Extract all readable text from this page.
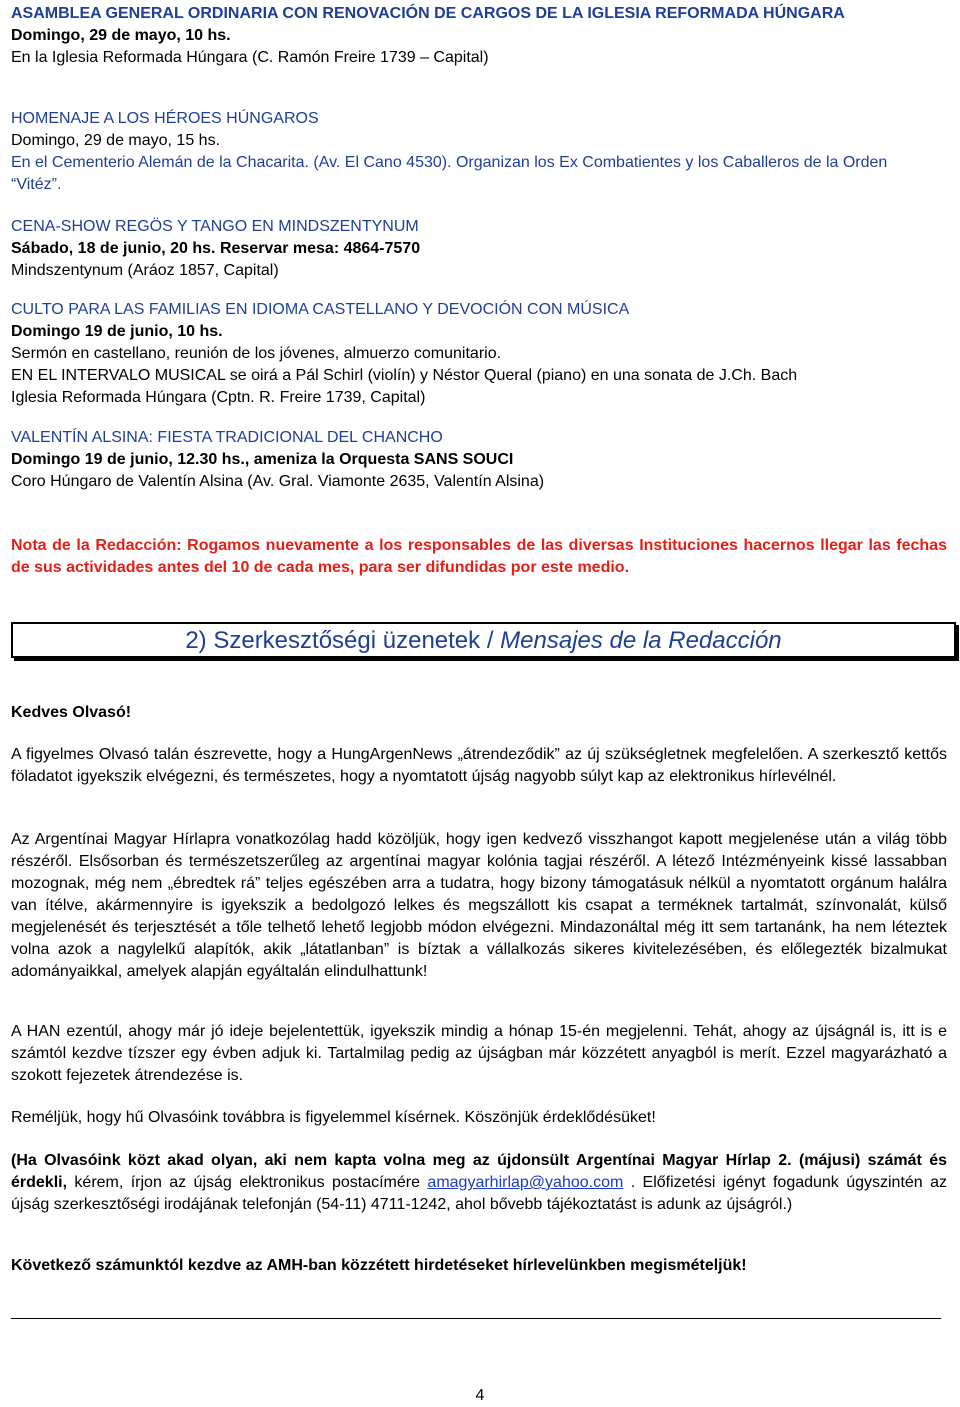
ASAMBLEA GENERAL ORDINARIA CON RENOVACIÓN DE CARGOS DE LA IGLESIA REFORMADA HÚNGARA
Domingo, 29 de mayo, 10 hs.
En la Iglesia Reformada Húngara (C. Ramón Freire 1739 – Capital)
HOMENAJE A LOS HÉROES HÚNGAROS
Domingo, 29 de mayo, 15 hs.
En el Cementerio Alemán de la Chacarita. (Av. El Cano 4530). Organizan los Ex Combatientes y los Caballeros de la Orden “Vitéz”.
CENA-SHOW REGÖS Y TANGO EN MINDSZENTYNUM
Sábado, 18 de junio, 20 hs. Reservar mesa: 4864-7570
Mindszentynum (Aráoz 1857, Capital)
CULTO PARA LAS FAMILIAS EN IDIOMA CASTELLANO Y DEVOCIÓN CON MÚSICA
Domingo 19 de junio, 10 hs.
Sermón en castellano, reunión de los jóvenes, almuerzo comunitario.
EN EL INTERVALO MUSICAL se oirá a Pál Schirl (violín) y Néstor Queral (piano) en una sonata de J.Ch. Bach
Iglesia Reformada Húngara (Cptn. R. Freire 1739, Capital)
VALENTÍN ALSINA: FIESTA TRADICIONAL DEL CHANCHO
Domingo 19 de junio, 12.30 hs., ameniza la Orquesta SANS SOUCI
Coro Húngaro de Valentín Alsina (Av. Gral. Viamonte 2635, Valentín Alsina)
Nota de la Redacción: Rogamos nuevamente a los responsables de las diversas Instituciones hacernos llegar las fechas de sus actividades antes del 10 de cada mes, para ser difundidas por este medio.
2) Szerkesztőségi üzenetek / Mensajes de la Redacción
Kedves Olvasó!

A figyelmes Olvasó talán észrevette, hogy a HungArgenNews „átrendeződik” az új szükségletnek megfelelően. A szerkesztő kettős föladatot igyekszik elvégezni, és természetes, hogy a nyomtatott újság nagyobb súlyt kap az elektronikus hírlevélnél.

Az Argentínai Magyar Hírlapra vonatkozólag hadd közöljük, hogy igen kedvező visszhangot kapott megjelenése után a világ több részéről. Elsősorban és természetszerűleg az argentínai magyar kolónia tagjai részéről. A létező Intézményeink kissé lassabban mozognak, még nem „ébredtek rá” teljes egészében arra a tudatra, hogy bizony támogatásuk nélkül a nyomtatott orgánum halálra van ítélve, akármennyire is igyekszik a bedolgozó lelkes és megszállott kis csapat a terméknek tartalmát, színvonalát, külső megjelenését és terjesztését a tőle telhető lehető legjobb módon elvégezni. Mindazonáltal még itt sem tartanánk, ha nem léteztek volna azok a nagylelkű alapítók, akik „látatlanban” is bíztak a vállalkozás sikeres kivitelezésében, és előlegezték bizalmukat adományaikkal, amelyek alapján egyáltalán elindulhattunk!

A HAN ezentúl, ahogy már jó ideje bejelentettük, igyekszik mindig a hónap 15-én megjelenni. Tehát, ahogy az újságnál is, itt is e számtól kezdve tízszer egy évben adjuk ki. Tartalmilag pedig az újságban már közzétett anyagból is merít. Ezzel magyarázható a szokott fejezetek átrendezése is.

Reméljük, hogy hű Olvasóink továbbra is figyelemmel kísérnek. Köszönjük érdeklődésüket!

(Ha Olvasóink közt akad olyan, aki nem kapta volna meg az újdonsült Argentínai Magyar Hírlap 2. (májusi) számát és érdekli, kérem, írjon az újság elektronikus postacímére amagyarhirlap@yahoo.com . Előfizetési igényt fogadunk úgyszintén az újság szerkesztőségi irodájának telefonján (54-11) 4711-1242, ahol bővebb tájékoztatást is adunk az újságról.)

Következő számunktól kezdve az AMH-ban közzétett hirdetéseket hírlevelünkben megismételjük!
4
